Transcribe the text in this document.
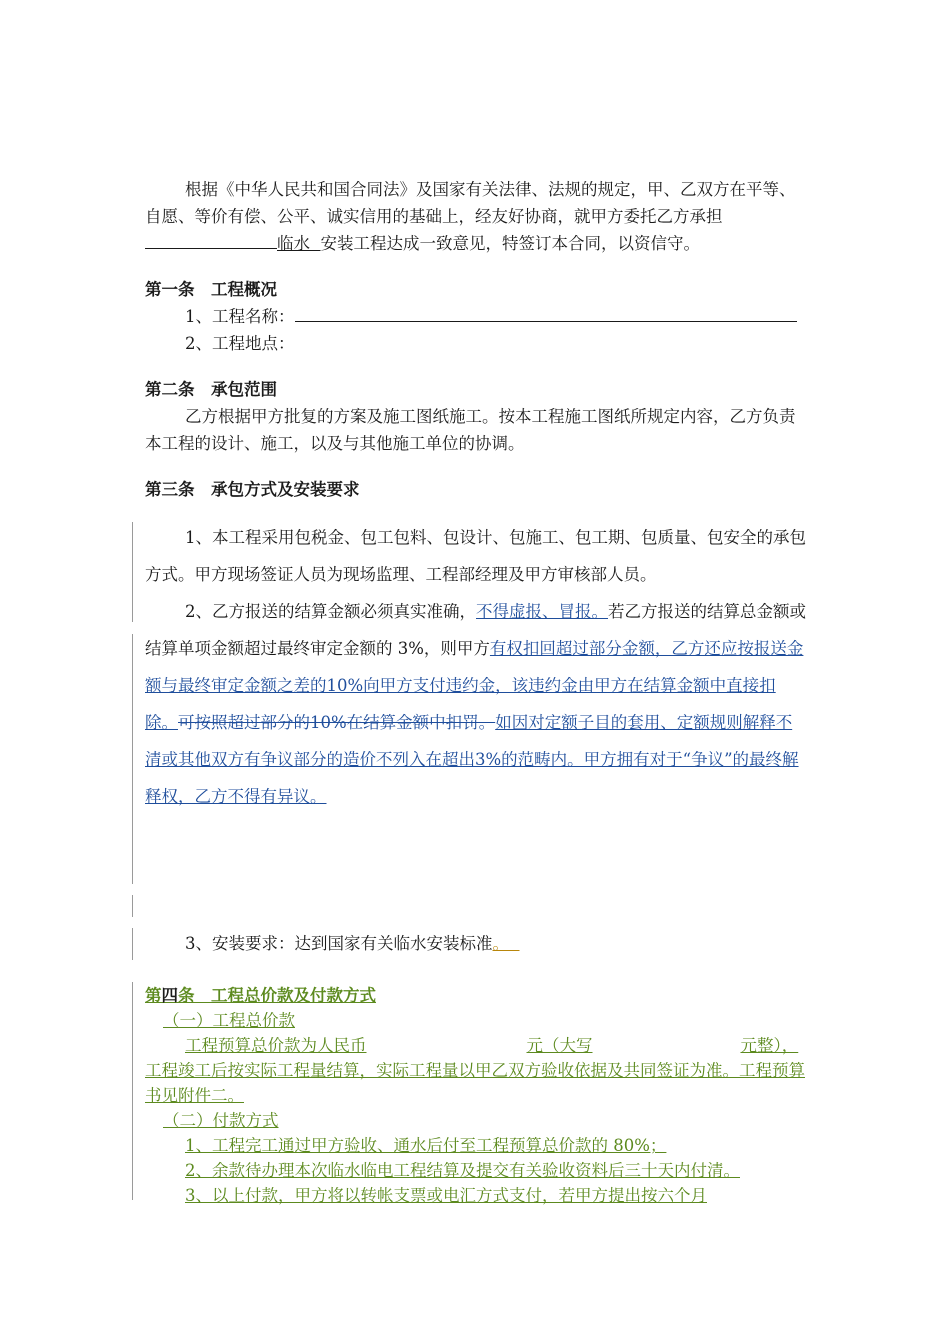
根据《中华人民共和国合同法》及国家有关法律、法规的规定，甲、乙双方在平等、自愿、等价有偿、公平、诚实信用的基础上，经友好协商，就甲方委托乙方承担临水 安装工程达成一致意见，特签订本合同，以资信守。

第一条　工程概况

1、工程名称：

2、工程地点：

第二条　承包范围

乙方根据甲方批复的方案及施工图纸施工。按本工程施工图纸所规定内容，乙方负责本工程的设计、施工，以及与其他施工单位的协调。

第三条　承包方式及安装要求

1、本工程采用包税金、包工包料、包设计、包施工、包工期、包质量、包安全的承包方式。甲方现场签证人员为现场监理、工程部经理及甲方审核部人员。

2、乙方报送的结算金额必须真实准确，不得虚报、冒报。若乙方报送的结算总金额或结算单项金额超过最终审定金额的 3%，则甲方有权扣回超过部分金额，乙方还应按报送金额与最终审定金额之差的10%向甲方支付违约金，该违约金由甲方在结算金额中直接扣除。可按照超过部分的10%在结算金额中扣罚。如因对定额子目的套用、定额规则解释不清或其他双方有争议部分的造价不列入在超出3%的范畴内。甲方拥有对于“争议”的最终解释权，乙方不得有异议。

3、安装要求：达到国家有关临水安装标准。

第四条　工程总价款及付款方式

（一）工程总价款

工程预算总价款为人民币	元（大写	元整），工程竣工后按实际工程量结算，实际工程量以甲乙双方验收依据及共同签证为准。工程预算书见附件二。

（二）付款方式

1、工程完工通过甲方验收、通水后付至工程预算总价款的 80%；

2、余款待办理本次临水临电工程结算及提交有关验收资料后三十天内付清。

3、以上付款，甲方将以转帐支票或电汇方式支付，若甲方提出按六个月
